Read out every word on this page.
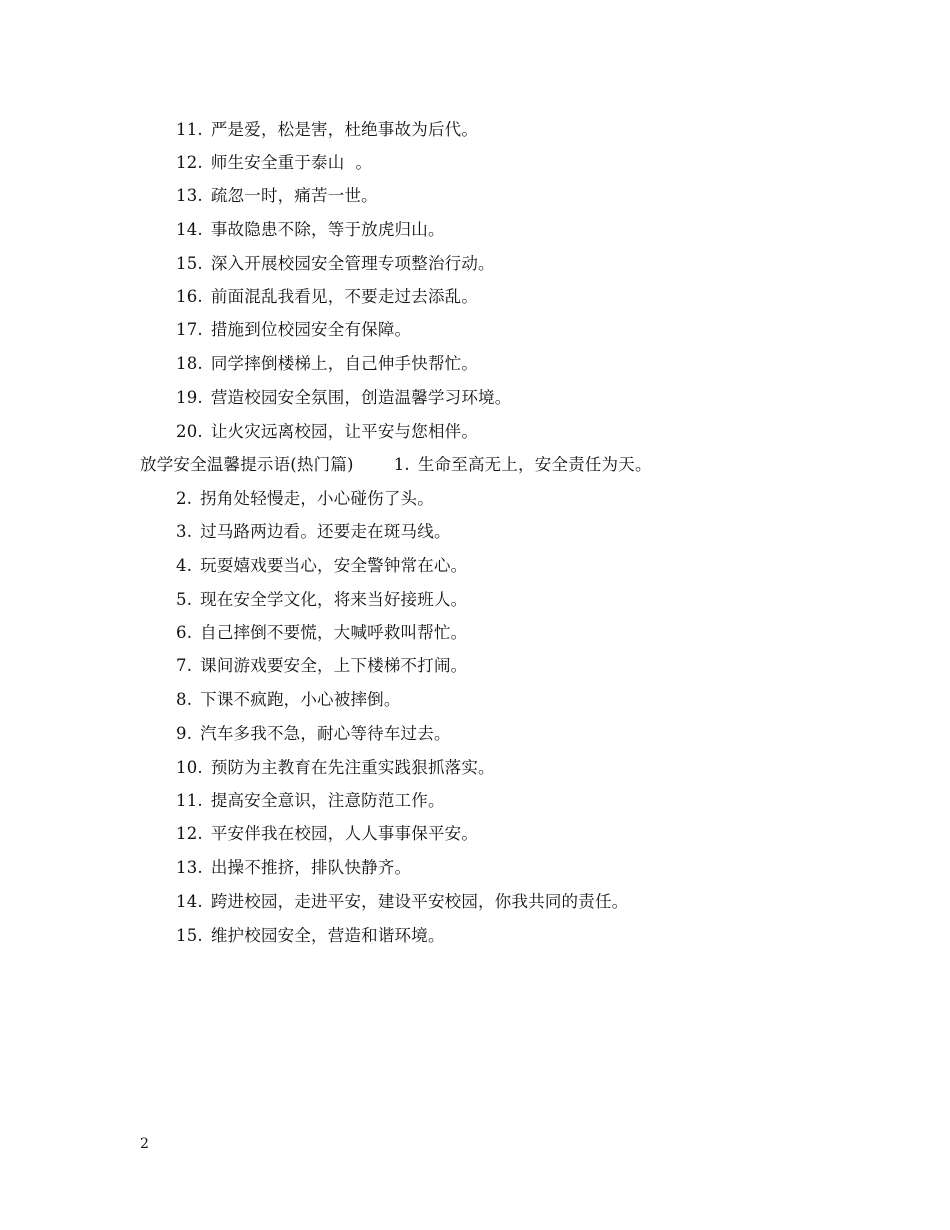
11. 严是爱，松是害，杜绝事故为后代。
12. 师生安全重于泰山  。
13. 疏忽一时，痛苦一世。
14. 事故隐患不除，等于放虎归山。
15. 深入开展校园安全管理专项整治行动。
16. 前面混乱我看见，不要走过去添乱。
17. 措施到位校园安全有保障。
18. 同学摔倒楼梯上，自己伸手快帮忙。
19. 营造校园安全氛围，创造温馨学习环境。
20. 让火灾远离校园，让平安与您相伴。
放学安全温馨提示语(热门篇) 1. 生命至高无上，安全责任为天。
2. 拐角处轻慢走，小心碰伤了头。
3. 过马路两边看。还要走在斑马线。
4. 玩耍嬉戏要当心，安全警钟常在心。
5. 现在安全学文化，将来当好接班人。
6. 自己摔倒不要慌，大喊呼救叫帮忙。
7. 课间游戏要安全，上下楼梯不打闹。
8. 下课不疯跑，小心被摔倒。
9. 汽车多我不急，耐心等待车过去。
10. 预防为主教育在先注重实践狠抓落实。
11. 提高安全意识，注意防范工作。
12. 平安伴我在校园，人人事事保平安。
13. 出操不推挤，排队快静齐。
14. 跨进校园，走进平安，建设平安校园，你我共同的责任。
15. 维护校园安全，营造和谐环境。
2
